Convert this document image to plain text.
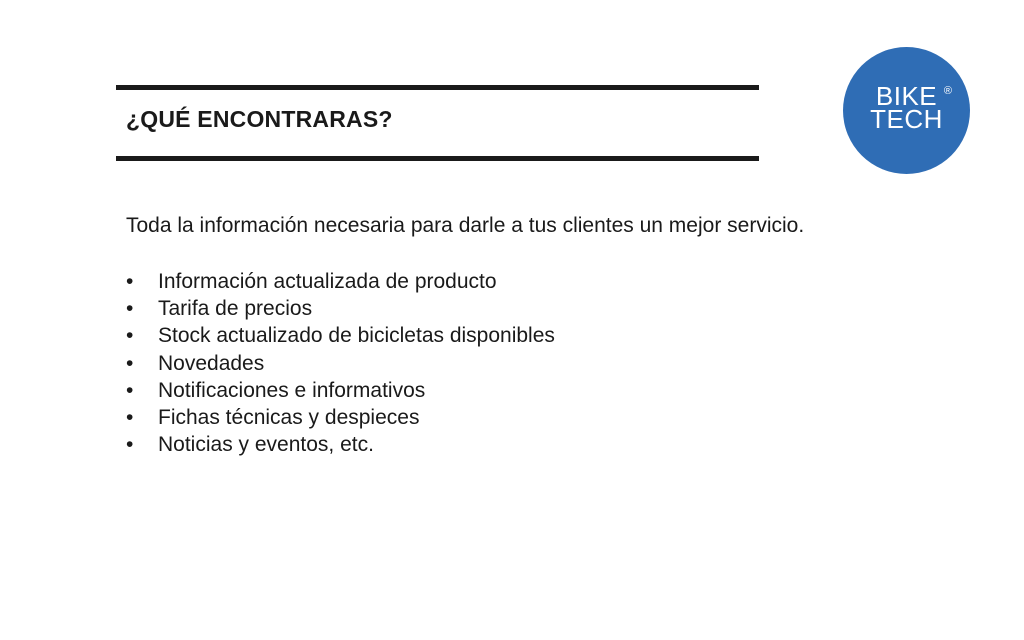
¿QUÉ ENCONTRARAS?
BIKE
TECH
®
Toda la información necesaria para darle a tus clientes un mejor servicio.
• Información actualizada de producto
• Tarifa de precios
• Stock actualizado de bicicletas disponibles
• Novedades
• Notificaciones e informativos
• Fichas técnicas y despieces
• Noticias y eventos, etc.
